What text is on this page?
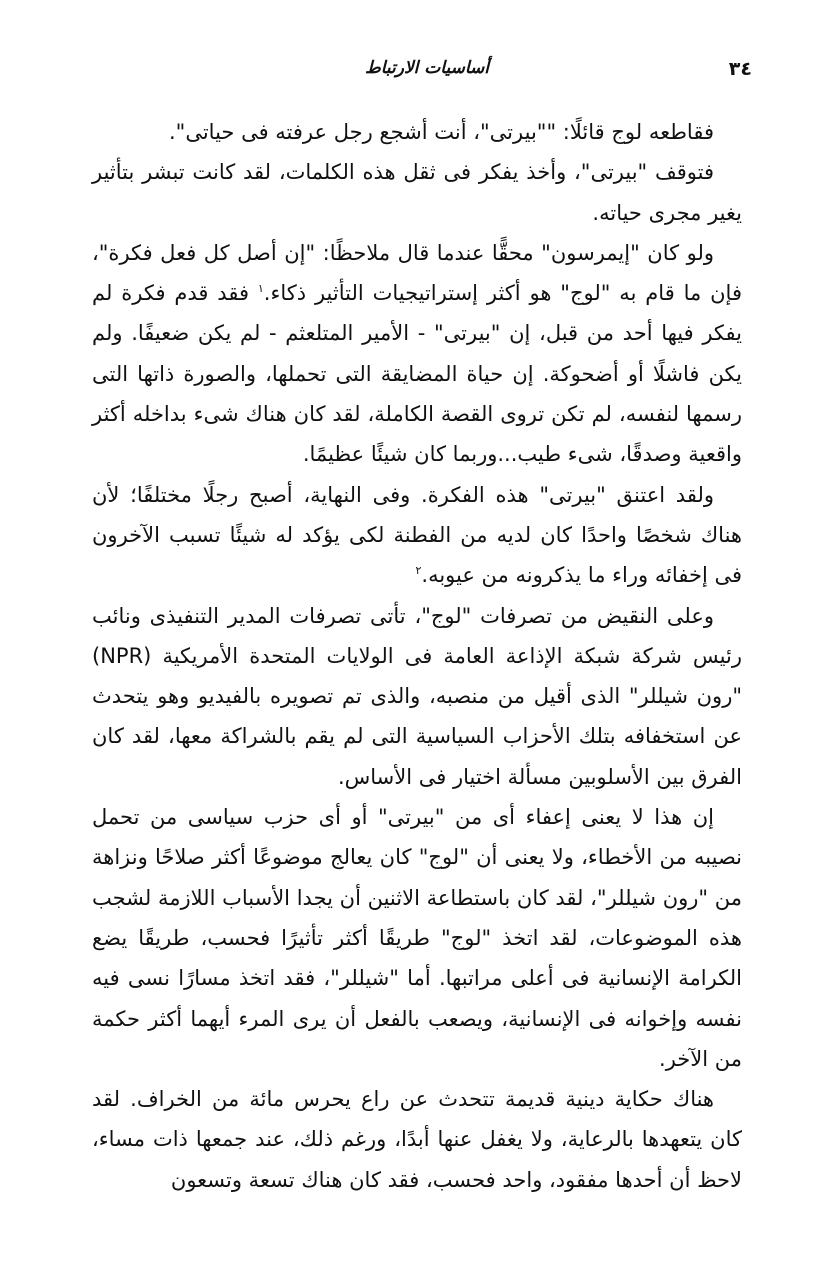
٣٤
أساسيات الارتباط

فقاطعه لوج قائلًا: ""بيرتى"، أنت أشجع رجل عرفته فى حياتى".

فتوقف "بيرتى"، وأخذ يفكر فى ثقل هذه الكلمات، لقد كانت تبشر بتأثير يغير مجرى حياته.

ولو كان "إيمرسون" محقًّا عندما قال ملاحظًا: "إن أصل كل فعل فكرة"، فإن ما قام به "لوج" هو أكثر إستراتيجيات التأثير ذكاء.$^١$ فقد قدم فكرة لم يفكر فيها أحد من قبل، إن "بيرتى" - الأمير المتلعثم - لم يكن ضعيفًا. ولم يكن فاشلًا أو أضحوكة. إن حياة المضايقة التى تحملها، والصورة ذاتها التى رسمها لنفسه، لم تكن تروى القصة الكاملة، لقد كان هناك شىء بداخله أكثر واقعية وصدقًا، شىء طيب...وربما كان شيئًا عظيمًا.

ولقد اعتنق "بيرتى" هذه الفكرة. وفى النهاية، أصبح رجلًا مختلفًا؛ لأن هناك شخصًا واحدًا كان لديه من الفطنة لكى يؤكد له شيئًا تسبب الآخرون فى إخفائه وراء ما يذكرونه من عيوبه.$^٢$

وعلى النقيض من تصرفات "لوج"، تأتى تصرفات المدير التنفيذى ونائب رئيس شركة شبكة الإذاعة العامة فى الولايات المتحدة الأمريكية (NPR) "رون شيللر" الذى أقيل من منصبه، والذى تم تصويره بالفيديو وهو يتحدث عن استخفافه بتلك الأحزاب السياسية التى لم يقم بالشراكة معها، لقد كان الفرق بين الأسلوبين مسألة اختيار فى الأساس.

إن هذا لا يعنى إعفاء أى من "بيرتى" أو أى حزب سياسى من تحمل نصيبه من الأخطاء، ولا يعنى أن "لوج" كان يعالج موضوعًا أكثر صلاحًا ونزاهة من "رون شيللر"، لقد كان باستطاعة الاثنين أن يجدا الأسباب اللازمة لشجب هذه الموضوعات، لقد اتخذ "لوج" طريقًا أكثر تأثيرًا فحسب، طريقًا يضع الكرامة الإنسانية فى أعلى مراتبها. أما "شيللر"، فقد اتخذ مسارًا نسى فيه نفسه وإخوانه فى الإنسانية، ويصعب بالفعل أن يرى المرء أيهما أكثر حكمة من الآخر.

هناك حكاية دينية قديمة تتحدث عن راع يحرس مائة من الخراف. لقد كان يتعهدها بالرعاية، ولا يغفل عنها أبدًا، ورغم ذلك، عند جمعها ذات مساء، لاحظ أن أحدها مفقود، واحد فحسب، فقد كان هناك تسعة وتسعون
